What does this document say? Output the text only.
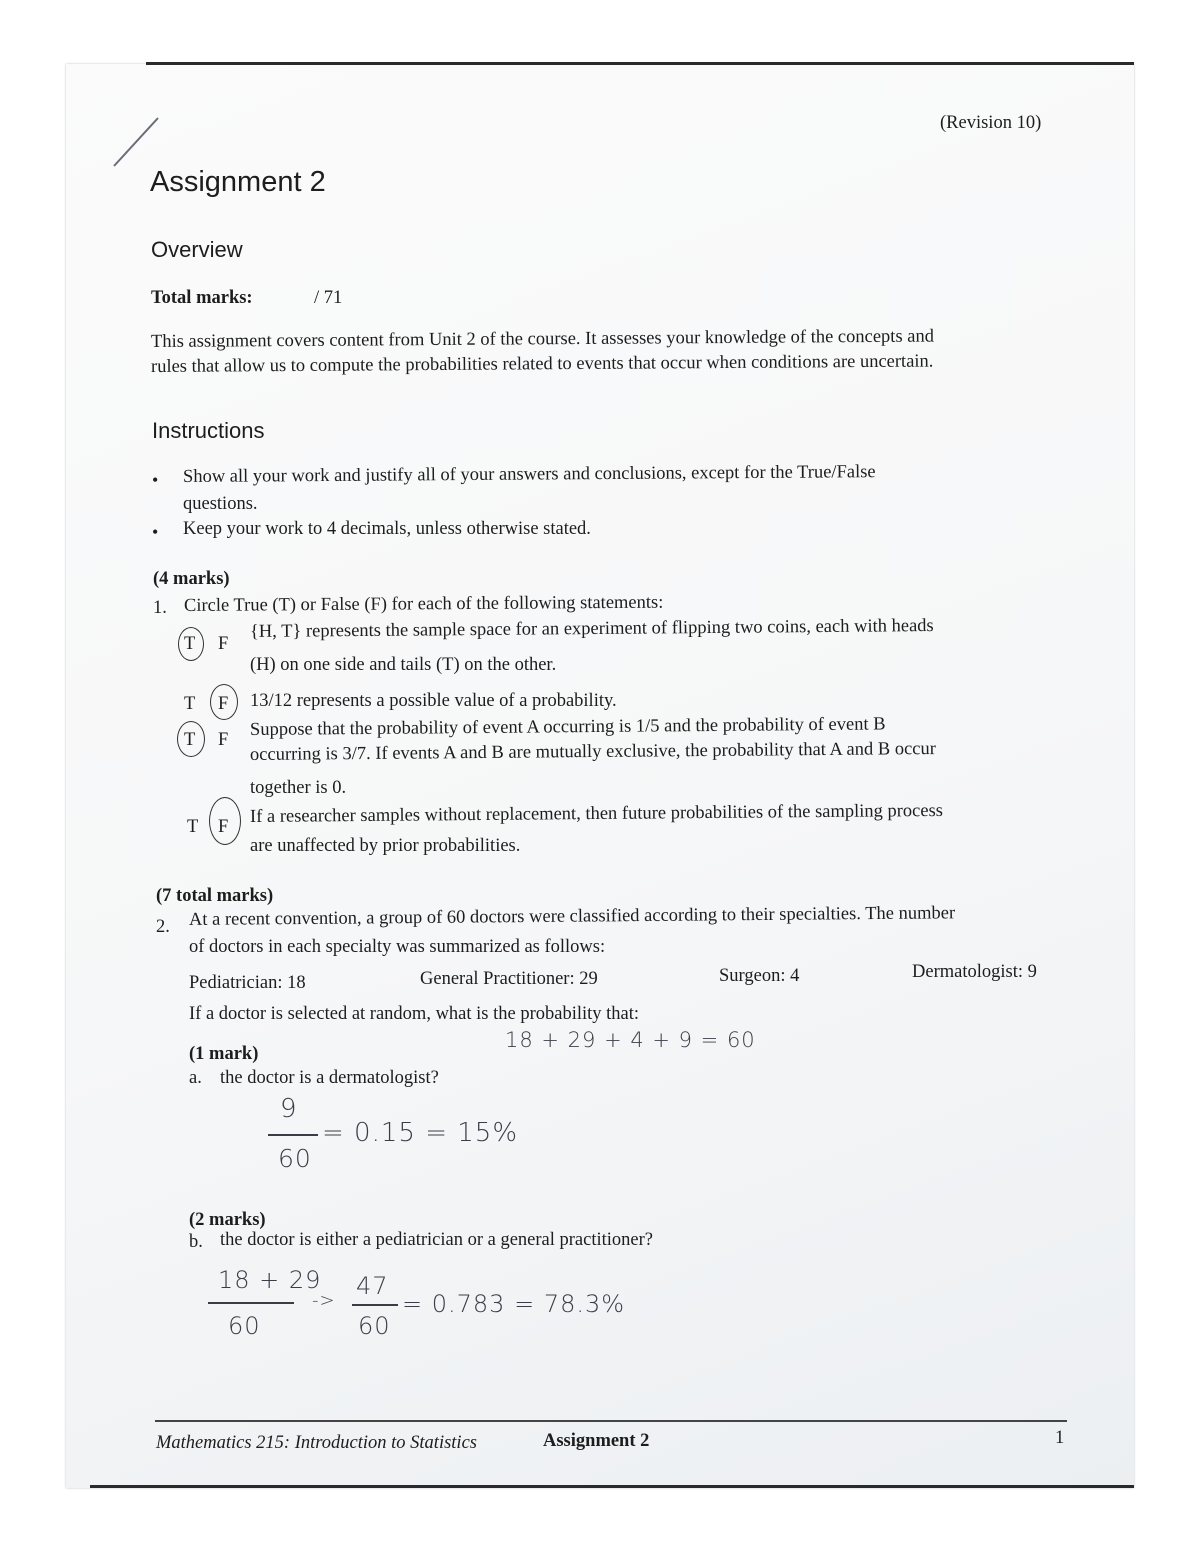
(Revision 10)
Assignment 2
Overview
Total marks:	/ 71
This assignment covers content from Unit 2 of the course. It assesses your knowledge of the concepts and
rules that allow us to compute the probabilities related to events that occur when conditions are uncertain.
Instructions
• Show all your work and justify all of your answers and conclusions, except for the True/False
questions.
• Keep your work to 4 decimals, unless otherwise stated.
(4 marks)
1. Circle True (T) or False (F) for each of the following statements:
T F
{H, T} represents the sample space for an experiment of flipping two coins, each with heads
(H) on one side and tails (T) on the other.
T F 13/12 represents a possible value of a probability.
T F
Suppose that the probability of event A occurring is 1/5 and the probability of event B
occurring is 3/7. If events A and B are mutually exclusive, the probability that A and B occur
together is 0.
T F
If a researcher samples without replacement, then future probabilities of the sampling process
are unaffected by prior probabilities.
(7 total marks)
2. At a recent convention, a group of 60 doctors were classified according to their specialties. The number
of doctors in each specialty was summarized as follows:
Pediatrician: 18	General Practitioner: 29	Surgeon: 4	Dermatologist: 9
If a doctor is selected at random, what is the probability that:
18 + 29 + 4 + 9 = 60
(1 mark)
a. the doctor is a dermatologist?
9
60
= 0.15 = 15%
(2 marks)
b. the doctor is either a pediatrician or a general practitioner?
18 + 29
60
->
47
60
= 0.783 = 78.3%
Mathematics 215: Introduction to Statistics	Assignment 2	1
